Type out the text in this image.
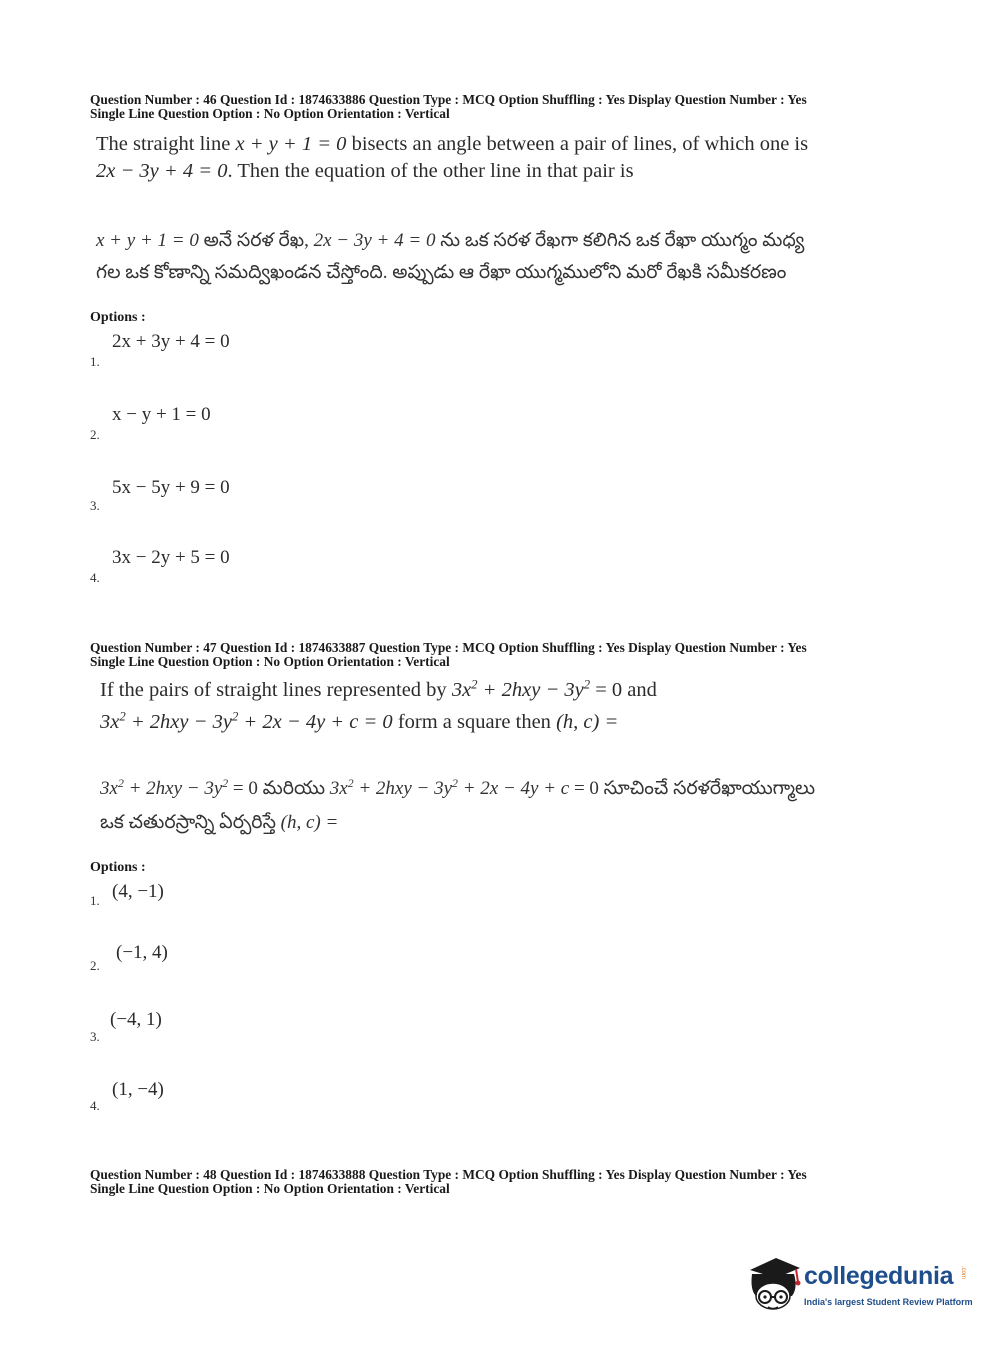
Question Number : 46 Question Id : 1874633886 Question Type : MCQ Option Shuffling : Yes Display Question Number : Yes
Single Line Question Option : No Option Orientation : Vertical
The straight line x + y + 1 = 0 bisects an angle between a pair of lines, of which one is
2x − 3y + 4 = 0. Then the equation of the other line in that pair is
x + y + 1 = 0 అనే సరళ రేఖ, 2x − 3y + 4 = 0 ను ఒక సరళ రేఖగా కలిగిన ఒక రేఖా యుగ్మం మధ్య
గల ఒక కోణాన్ని సమద్విఖండన చేస్తోంది. అప్పుడు ఆ రేఖా యుగ్మములోని మరో రేఖకి సమీకరణం
Options :
2x + 3y + 4 = 0
1.
x − y + 1 = 0
2.
5x − 5y + 9 = 0
3.
3x − 2y + 5 = 0
4.
Question Number : 47 Question Id : 1874633887 Question Type : MCQ Option Shuffling : Yes Display Question Number : Yes
Single Line Question Option : No Option Orientation : Vertical
If the pairs of straight lines represented by $3x^2 + 2hxy - 3y^2 = 0$ and
$3x^2 + 2hxy - 3y^2 + 2x - 4y + c = 0$ form a square then (h, c) =
$3x^2 + 2hxy - 3y^2 = 0$ మరియు $3x^2 + 2hxy - 3y^2 + 2x - 4y + c = 0$ సూచించే సరళరేఖాయుగ్మాలు
ఒక చతురస్రాన్ని ఏర్పరిస్తే (h, c) =
Options :
(4, −1)
1.
(−1, 4)
2.
(−4, 1)
3.
(1, −4)
4.
Question Number : 48 Question Id : 1874633888 Question Type : MCQ Option Shuffling : Yes Display Question Number : Yes
Single Line Question Option : No Option Orientation : Vertical
collegedunia .com
India's largest Student Review Platform
